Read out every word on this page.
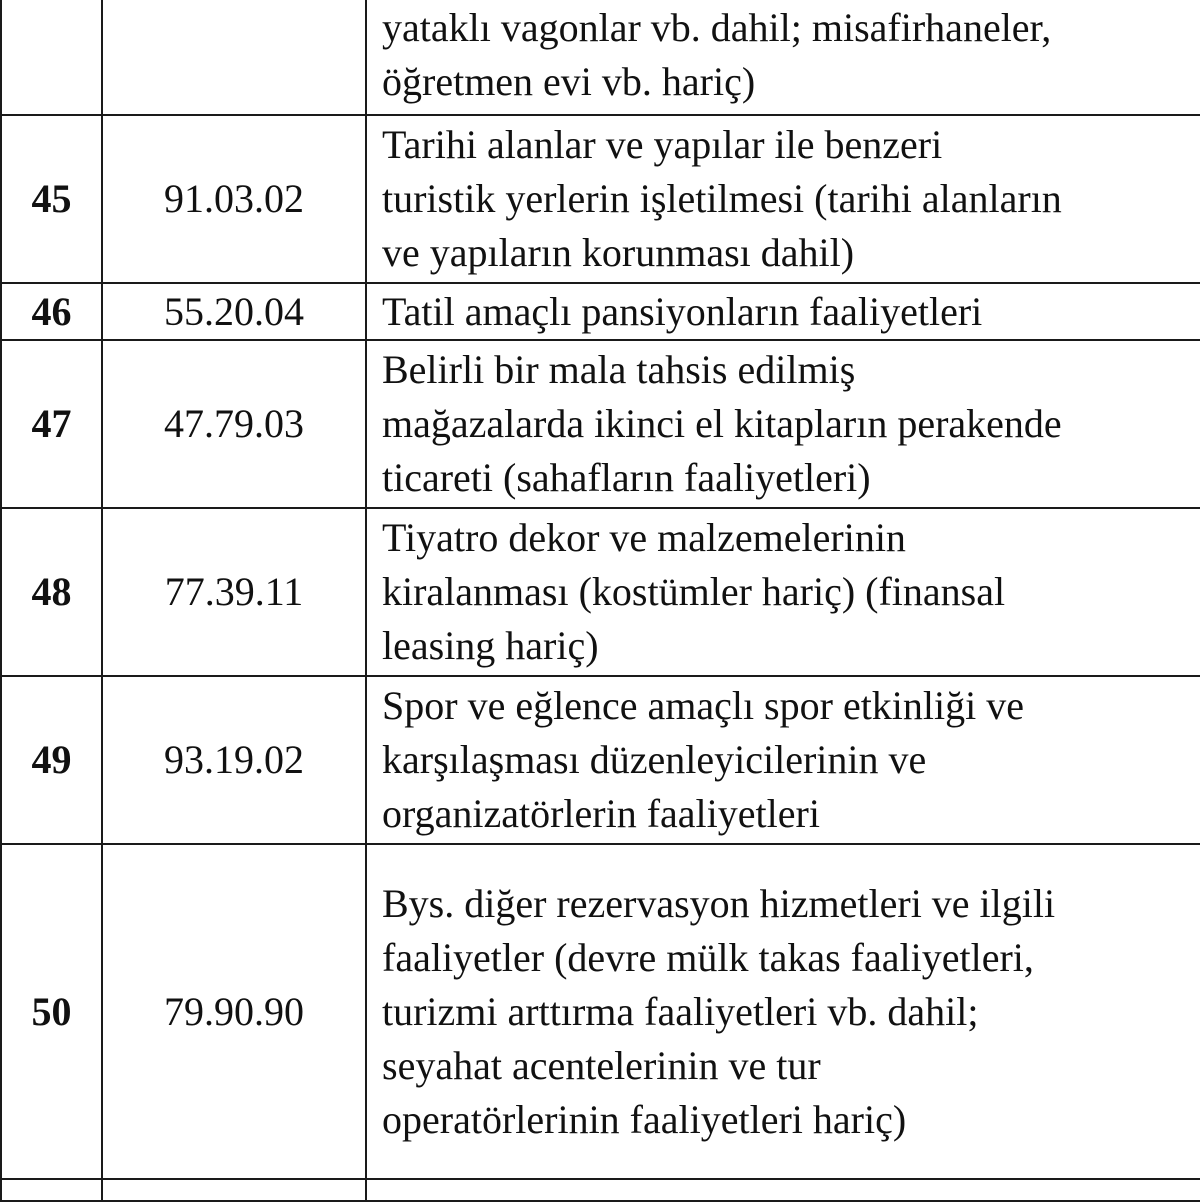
		yataklı vagonlar vb. dahil; misafirhaneler,
öğretmen evi vb. hariç)
45	91.03.02	Tarihi alanlar ve yapılar ile benzeri
turistik yerlerin işletilmesi (tarihi alanların
ve yapıların korunması dahil)
46	55.20.04	Tatil amaçlı pansiyonların faaliyetleri
47	47.79.03	Belirli bir mala tahsis edilmiş
mağazalarda ikinci el kitapların perakende
ticareti (sahafların faaliyetleri)
48	77.39.11	Tiyatro dekor ve malzemelerinin
kiralanması (kostümler hariç) (finansal
leasing hariç)
49	93.19.02	Spor ve eğlence amaçlı spor etkinliği ve
karşılaşması düzenleyicilerinin ve
organizatörlerin faaliyetleri
50	79.90.90	Bys. diğer rezervasyon hizmetleri ve ilgili
faaliyetler (devre mülk takas faaliyetleri,
turizmi arttırma faaliyetleri vb. dahil;
seyahat acentelerinin ve tur
operatörlerinin faaliyetleri hariç)
